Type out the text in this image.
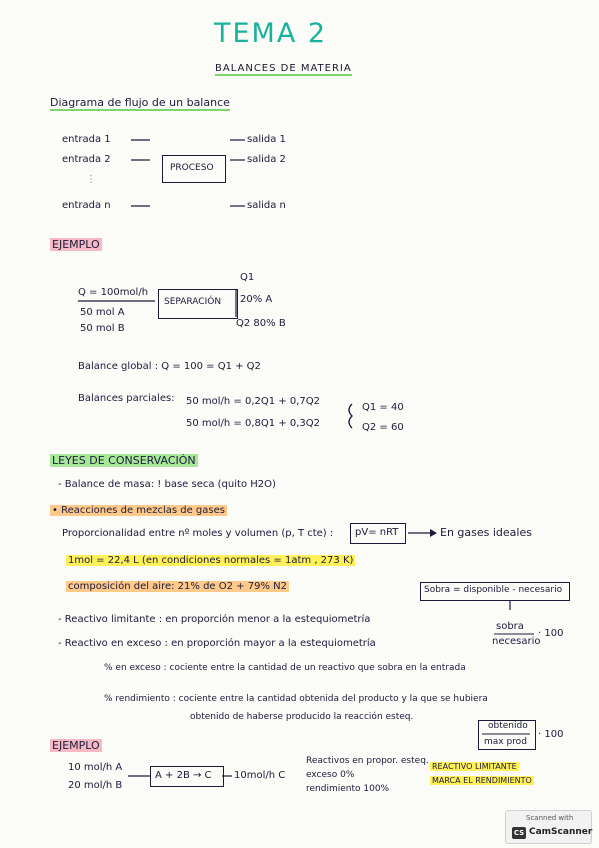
TEMA 2
BALANCES DE MATERIA
Diagrama de flujo de un balance
entrada 1
entrada 2
⋮
entrada n
PROCESO
salida 1
salida 2
salida n
EJEMPLO
Q1
Q = 100mol/h
SEPARACIÓN 20% A
50 mol A
50 mol B	Q2 80% B
Balance global : Q = 100 = Q1 + Q2
Balances parciales: 50 mol/h = 0,2Q1 + 0,7Q2
50 mol/h = 0,8Q1 + 0,3Q2
Q1 = 40
Q2 = 60
LEYES DE CONSERVACIÓN
- Balance de masa: ! base seca (quito H2O)
• Reacciones de mezclas de gases
Proporcionalidad entre nº moles y volumen (p, T cte) : pV= nRT	En gases ideales
1mol = 22,4 L (en condiciones normales = 1atm , 273 K)
composición del aire: 21% de O2 + 79% N2	Sobra = disponible - necesario
sobra
necesario
· 100
- Reactivo limitante : en proporción menor a la estequiometría
- Reactivo en exceso : en proporción mayor a la estequiometría
% en exceso : cociente entre la cantidad de un reactivo que sobra en la entrada
% rendimiento : cociente entre la cantidad obtenida del producto y la que se hubiera
obtenido de haberse producido la reacción esteq.
obtenido
max prod
· 100
EJEMPLO
10 mol/h A
20 mol/h B
A + 2B → C 10mol/h C
Reactivos en propor. esteq.
exceso 0%
rendimiento 100%
REACTIVO LIMITANTE
MARCA EL RENDIMIENTO
Scanned with
CS CamScanner
